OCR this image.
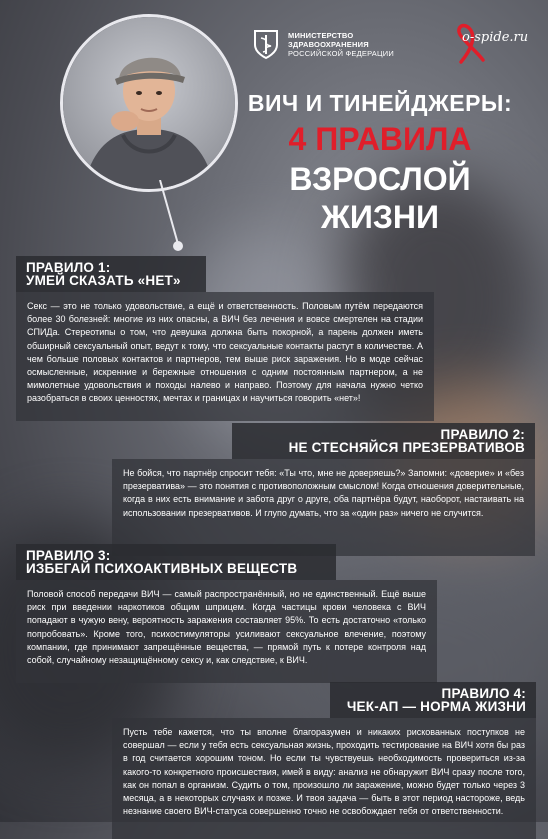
МИНИСТЕРСТВО
ЗДРАВООХРАНЕНИЯ
РОССИЙСКОЙ ФЕДЕРАЦИИ
o-spide.ru
ВИЧ И ТИНЕЙДЖЕРЫ:
4 ПРАВИЛА
ВЗРОСЛОЙ
ЖИЗНИ
ПРАВИЛО 1:
УМЕЙ СКАЗАТЬ «НЕТ»
Секс — это не только удовольствие, а ещё и ответственность. Половым путём передаются более 30 болезней: многие из них опасны, а ВИЧ без лечения и вовсе смертелен на стадии СПИДа. Стереотипы о том, что девушка должна быть покорной, а парень должен иметь обширный сексуальный опыт, ведут к тому, что сексуальные контакты растут в количестве. А чем больше половых контактов и партнеров, тем выше риск заражения. Но в моде сейчас осмысленные, искренние и бережные отношения с одним постоянным партнером, а не мимолетные удовольствия и походы налево и направо. Поэтому для начала нужно четко разобраться в своих ценностях, мечтах и границах и научиться говорить «нет»!
ПРАВИЛО 2:
НЕ СТЕСНЯЙСЯ ПРЕЗЕРВАТИВОВ
Не бойся, что партнёр спросит тебя: «Ты что, мне не доверяешь?» Запомни: «доверие» и «без презерватива» — это понятия с противоположным смыслом! Когда отношения доверительные, когда в них есть внимание и забота друг о друге, оба партнёра будут, наоборот, настаивать на использовании презервативов. И глупо думать, что за «один раз» ничего не случится.
ПРАВИЛО 3:
ИЗБЕГАЙ ПСИХОАКТИВНЫХ ВЕЩЕСТВ
Половой способ передачи ВИЧ — самый распространённый, но не единственный. Ещё выше риск при введении наркотиков общим шприцем. Когда частицы крови человека с ВИЧ попадают в чужую вену, вероятность заражения составляет 95%. То есть достаточно «только попробовать». Кроме того, психостимуляторы усиливают сексуальное влечение, поэтому компании, где принимают запрещённые вещества, — прямой путь к потере контроля над собой, случайному незащищённому сексу и, как следствие, к ВИЧ.
ПРАВИЛО 4:
ЧЕК-АП — НОРМА ЖИЗНИ
Пусть тебе кажется, что ты вполне благоразумен и никаких рискованных поступков не совершал — если у тебя есть сексуальная жизнь, проходить тестирование на ВИЧ хотя бы раз в год считается хорошим тоном. Но если ты чувствуешь необходимость провериться из-за какого-то конкретного происшествия, имей в виду: анализ не обнаружит ВИЧ сразу после того, как он попал в организм. Судить о том, произошло ли заражение, можно будет только через 3 месяца, а в некоторых случаях и позже. И твоя задача — быть в этот период настороже, ведь незнание своего ВИЧ-статуса совершенно точно не освобождает тебя от ответственности.
